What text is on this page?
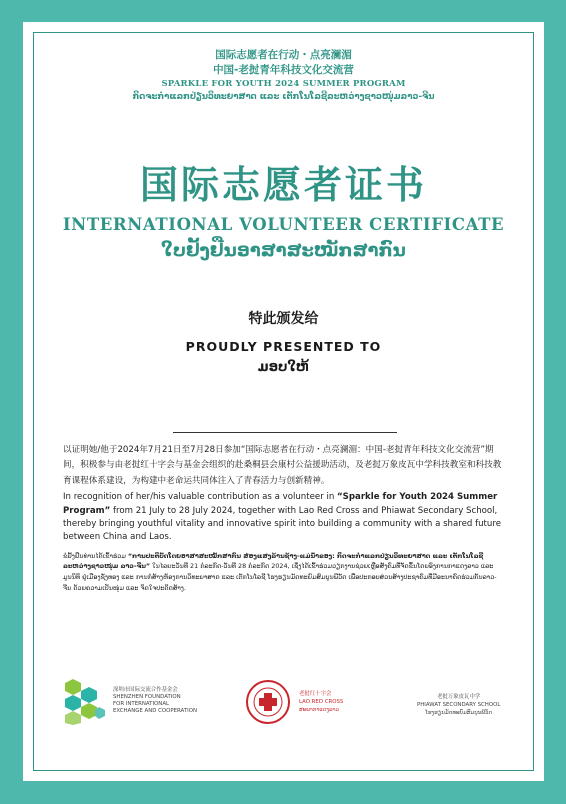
国际志愿者在行动・点亮澜湄
中国-老挝青年科技文化交流营
SPARKLE FOR YOUTH 2024 SUMMER PROGRAM
ກິດຈະກຳແລກປ່ຽນວິທະຍາສາດ ແລະ ເຕັກໂນໂລຊີລະຫວ່າງຊາວໜຸ່ມລາວ-ຈີນ
国际志愿者证书
INTERNATIONAL VOLUNTEER CERTIFICATE
ໃບຢັ້ງຢືນອາສາສະໝັກສາກົນ
特此颁发给
PROUDLY PRESENTED TO
ມອບໃຫ້

以证明她/他于2024年7月21日至7月28日参加“国际志愿者在行动・点亮澜湄：中国-老挝青年科技文化交流营”期间，积极参与由老挝红十字会与基金会组织的赴桑桐县会康村公益援助活动，及老挝万象皮瓦中学科技教室和科技教育课程体系建设，为构建中老命运共同体注入了青春活力与创新精神。

In recognition of her/his valuable contribution as a volunteer in “Sparkle for Youth 2024 Summer Program” from 21 July to 28 July 2024, together with Lao Red Cross and Phiawat Secondary School, thereby bringing youthful vitality and innovative spirit into building a community with a shared future between China and Laos.

ຂໍຢັ້ງຢືນທ່ານໄດ້ເຂົ້າຮ່ວມ “ການປະຕິບັດໂດຍອາສາສະໝັກສາກົນ ສ່ອງແສງລ້ານຊ້າງ-ແມ່ນ້ຳຂອງ: ກິດຈະກຳແລກປ່ຽນວິທະຍາສາດ ແລະ ເຕັກໂນໂລຊີລະຫວ່າງຊາວໜຸ່ມ ລາວ-ຈີນ” ໃນໄລຍະວັນທີ 21 ກໍລະກົດ-ວັນທີ 28 ກໍລະກົດ 2024, ເຊິ່ງໄດ້ເຂົ້າຮ່ວມວຽກງານຊ່ວຍເຫຼືອສັງຄົມທີ່ຈັດຂຶ້ນໂດຍອົງການກາແດງລາວ ແລະ ມູນນິທິ ຢູ່ເມືອງຊັງທອງ ແລະ ການກໍ່ສ້າງຫ້ອງການວິທະຍາສາດ ແລະ ເຕັກໂນໂລຊີ ໂຮງຮຽນມັດທະຍົມສົມບູນພີວັດ ເພື່ອປະກອບສ່ວນສ້າງປະຊາຄົມທີ່ມີອະນາຄົດຮ່ວມກັນລາວ-ຈີນ ດ້ວຍຄວາມເປັນໜຸ່ມ ແລະ ຈິດໃຈປະດິດສ້າງ.

深圳市国际交流合作基金会
SHENZHEN FOUNDATION
FOR INTERNATIONAL
EXCHANGE AND COOPERATION
老挝红十字会
LAO RED CROSS
ສະພາກາແດງລາວ
老挝万象皮瓦中学
PHIAWAT SECONDARY SCHOOL
ໂຮງຮຽນມັດທະຍົມສົມບູນພີວັດ
